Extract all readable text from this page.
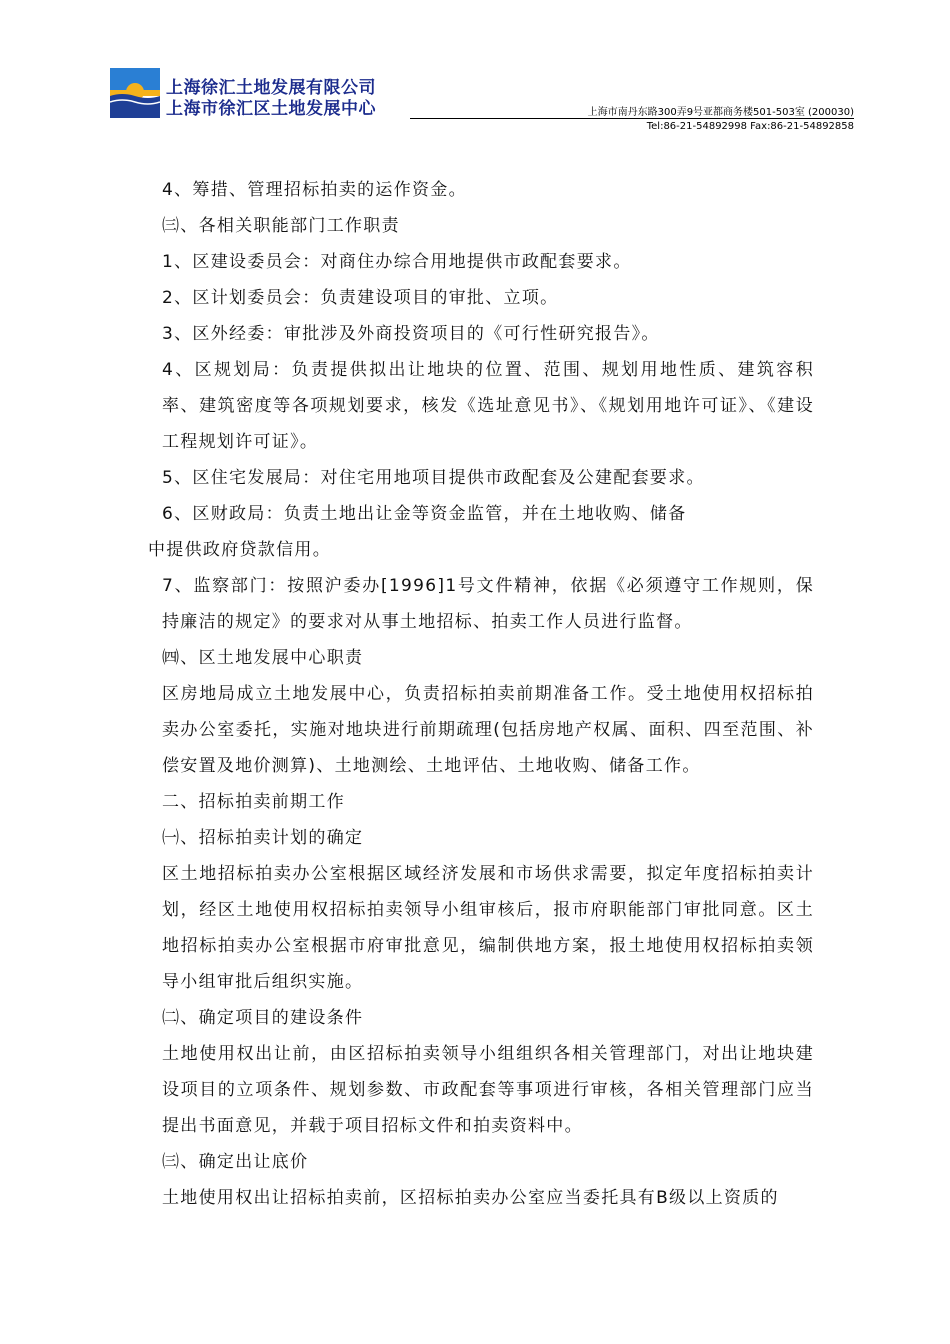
上海徐汇土地发展有限公司
上海市徐汇区土地发展中心	上海市南丹东路300弄9号亚都商务楼501-503室 (200030)
Tel:86-21-54892998 Fax:86-21-54892858

4、筹措、管理招标拍卖的运作资金。

㈢、各相关职能部门工作职责

1、区建设委员会：对商住办综合用地提供市政配套要求。

2、区计划委员会：负责建设项目的审批、立项。

3、区外经委：审批涉及外商投资项目的《可行性研究报告》。

4、区规划局：负责提供拟出让地块的位置、范围、规划用地性质、建筑容积率、建筑密度等各项规划要求，核发《选址意见书》、《规划用地许可证》、《建设工程规划许可证》。

5、区住宅发展局：对住宅用地项目提供市政配套及公建配套要求。

6、区财政局：负责土地出让金等资金监管，并在土地收购、储备

中提供政府贷款信用。

7、监察部门：按照沪委办[1996]1号文件精神，依据《必须遵守工作规则，保持廉洁的规定》的要求对从事土地招标、拍卖工作人员进行监督。

㈣、区土地发展中心职责

区房地局成立土地发展中心，负责招标拍卖前期准备工作。受土地使用权招标拍卖办公室委托，实施对地块进行前期疏理(包括房地产权属、面积、四至范围、补偿安置及地价测算)、土地测绘、土地评估、土地收购、储备工作。

二、招标拍卖前期工作

㈠、招标拍卖计划的确定

区土地招标拍卖办公室根据区域经济发展和市场供求需要，拟定年度招标拍卖计划，经区土地使用权招标拍卖领导小组审核后，报市府职能部门审批同意。区土地招标拍卖办公室根据市府审批意见，编制供地方案，报土地使用权招标拍卖领导小组审批后组织实施。

㈡、确定项目的建设条件

土地使用权出让前，由区招标拍卖领导小组组织各相关管理部门，对出让地块建设项目的立项条件、规划参数、市政配套等事项进行审核，各相关管理部门应当提出书面意见，并载于项目招标文件和拍卖资料中。

㈢、确定出让底价

土地使用权出让招标拍卖前，区招标拍卖办公室应当委托具有B级以上资质的
